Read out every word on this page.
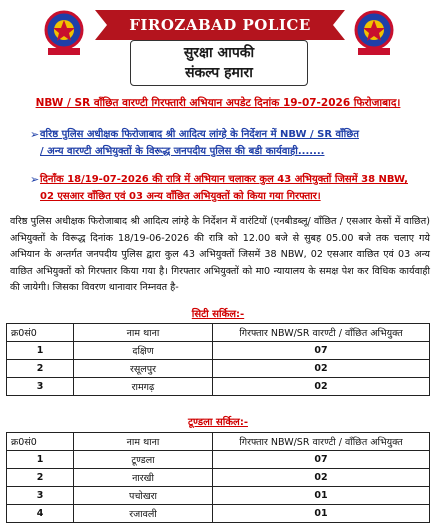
FIROZABAD POLICE
सुरक्षा आपकी
संकल्प हमारा
NBW / SR वाँछित वारण्टी गिरफ्तारी अभियान अपडेट दिनांक 19-07-2026 फिरोजाबाद।
➢ वरिष्ठ पुलिस अधीक्षक फिरोजाबाद श्री आदित्य लांग्हे के निर्देशन में NBW / SR वाँछित
/ अन्य वारण्टी अभियुक्तों के विरूद्ध जनपदीय पुलिस की बडी कार्यवाही.......
➢ दिनाँक 18/19-07-2026 की रात्रि में अभियान चलाकर कुल 43 अभियुक्तों जिसमें 38 NBW,
02 एसआर वाँछित एवं 03 अन्य वाँछित अभियुक्तों को किया गया गिरफ्तार।
वरिष्ठ पुलिस अधीक्षक फिरोजाबाद श्री आदित्य लांग्हे के निर्देशन में वारंटियों (एनबीडब्लू/ वाँछित / एसआर केसों में वाछित) अभियुक्तों के विरूद्ध दिनांक 18/19-06-2026 की रात्रि को 12.00 बजे से सुबह 05.00 बजे तक चलाए गये अभियान के अन्तर्गत जनपदीय पुलिस द्वारा कुल 43 अभियुक्तों जिसमें 38 NBW, 02 एसआर वाछित एवं 03 अन्य वाछित अभियुक्तों को गिरफ्तार किया गया है। गिरफ्तार अभियुक्तों को मा0 न्यायालय के समक्ष पेश कर विधिक कार्यवाही की जायेगी। जिसका विवरण थानावार निम्नवत है-
सिटी सर्किल:-
क्र0सं0	नाम थाना	गिरफ्तार NBW/SR वारण्टी / वाँछित अभियुक्त
1	दक्षिण	07
2	रसूलपुर	02
3	रामगढ़	02
टूण्डला सर्किल:-
क्र0सं0	नाम थाना	गिरफ्तार NBW/SR वारण्टी / वाँछित अभियुक्त
1	टूण्डला	07
2	नारखी	02
3	पचोखरा	01
4	रजावली	01
